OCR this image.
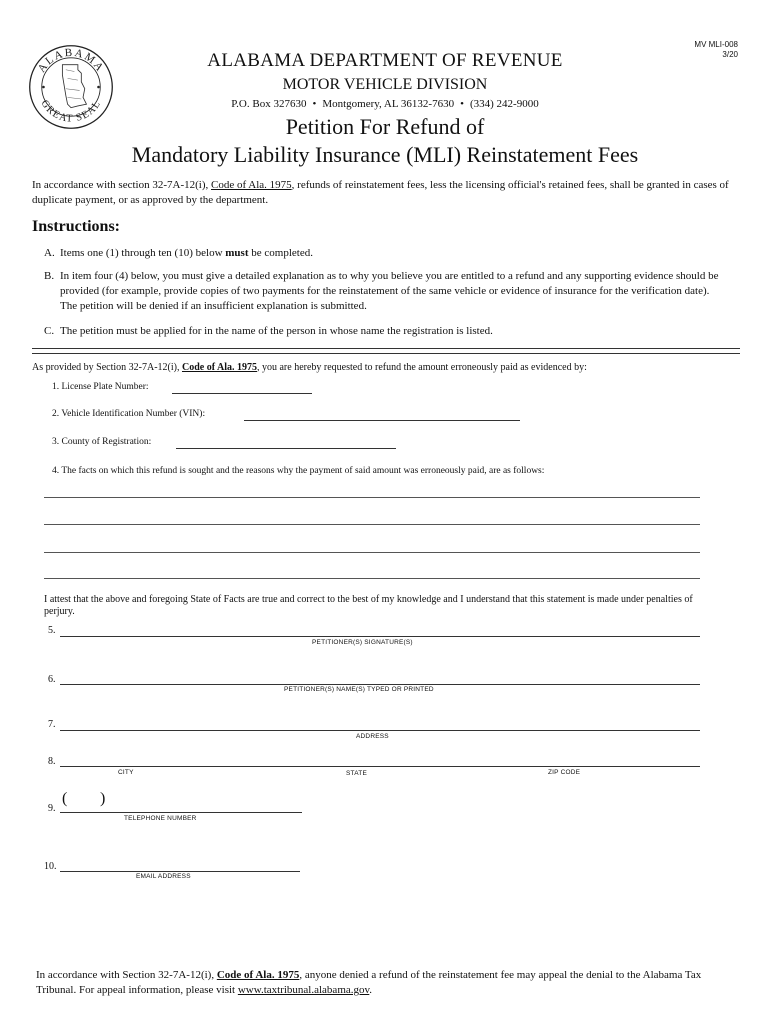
MV MLI-008
3/20
ALABAMA
GREAT SEAL
ALABAMA DEPARTMENT OF REVENUE
MOTOR VEHICLE DIVISION
P.O. Box 327630 • Montgomery, AL 36132-7630 • (334) 242-9000
Petition For Refund of
Mandatory Liability Insurance (MLI) Reinstatement Fees
In accordance with section 32-7A-12(i), Code of Ala. 1975, refunds of reinstatement fees, less the licensing official's retained fees, shall be granted in cases of duplicate payment, or as approved by the department.
Instructions:
A. Items one (1) through ten (10) below must be completed.
B. In item four (4) below, you must give a detailed explanation as to why you believe you are entitled to a refund and any supporting evidence should be provided (for example, provide copies of two payments for the reinstatement of the same vehicle or evidence of insurance for the verification date). The petition will be denied if an insufficient explanation is submitted.
C. The petition must be applied for in the name of the person in whose name the registration is listed.
As provided by Section 32-7A-12(i), Code of Ala. 1975, you are hereby requested to refund the amount erroneously paid as evidenced by:
1. License Plate Number:
2. Vehicle Identification Number (VIN):
3. County of Registration:
4. The facts on which this refund is sought and the reasons why the payment of said amount was erroneously paid, are as follows:
I attest that the above and foregoing State of Facts are true and correct to the best of my knowledge and I understand that this statement is made under penalties of perjury.
5.
PETITIONER(S) SIGNATURE(S)
6.
PETITIONER(S) NAME(S) TYPED OR PRINTED
7.
ADDRESS
8.
CITY	STATE	ZIP CODE
9.
( )
TELEPHONE NUMBER
10.
EMAIL ADDRESS
In accordance with Section 32-7A-12(i), Code of Ala. 1975, anyone denied a refund of the reinstatement fee may appeal the denial to the Alabama Tax Tribunal. For appeal information, please visit www.taxtribunal.alabama.gov.
